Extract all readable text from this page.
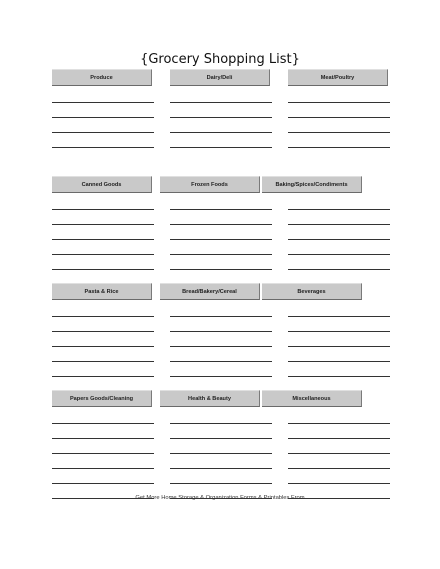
{Grocery Shopping List}
Produce	Dairy/Deli	Meat/Poultry
Canned Goods	Frozen Foods	Baking/Spices/Condiments
Pasta & Rice	Bread/Bakery/Cereal	Beverages
Papers Goods/Cleaning	Health & Beauty	Miscellaneous
Get More Home Storage & Organization Forms & Printables From
